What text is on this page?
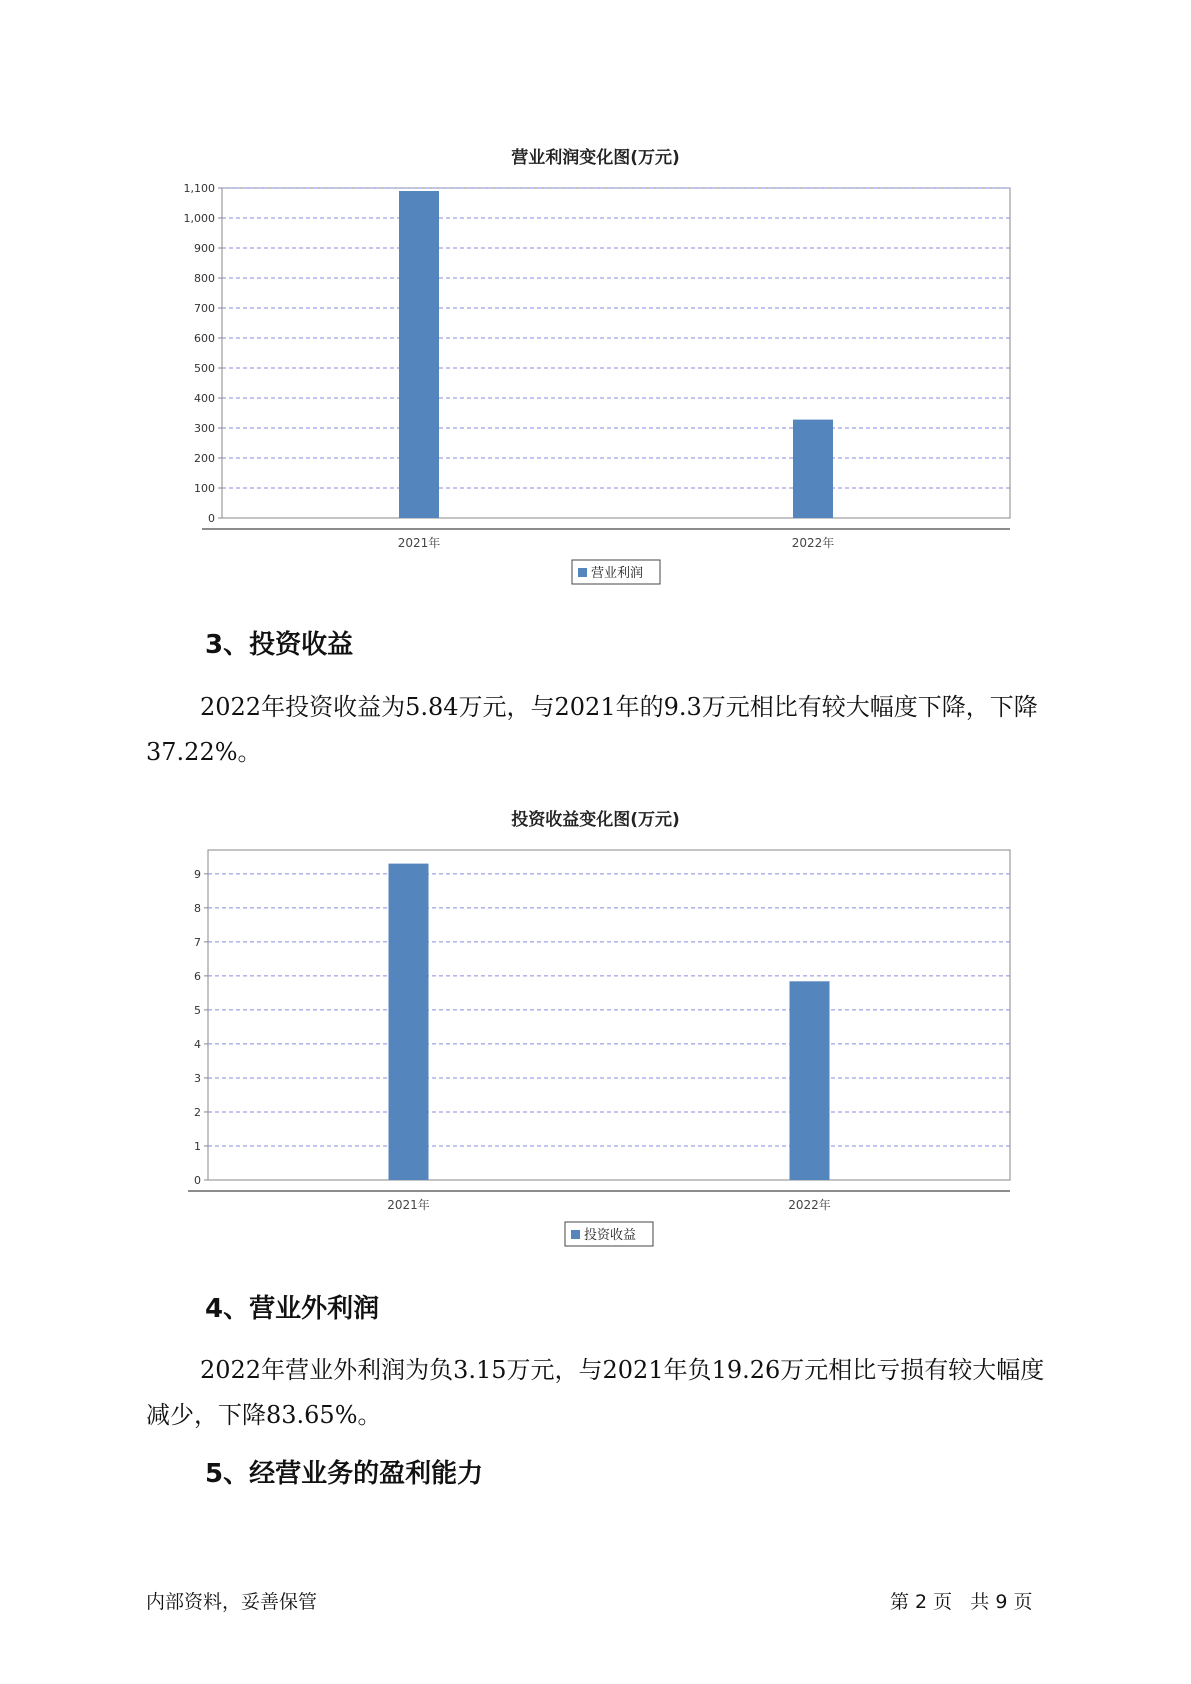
营业利润变化图(万元)
0
100
200
300
400
500
600
700
800
900
1,000
1,100
2021年	2022年
营业利润
3、投资收益

2022年投资收益为5.84万元，与2021年的9.3万元相比有较大幅度下降，下降37.22%。

投资收益变化图(万元)
0
1
2
3
4
5
6
7
8
9
2021年	2022年
投资收益
4、营业外利润

2022年营业外利润为负3.15万元，与2021年负19.26万元相比亏损有较大幅度减少，下降83.65%。

5、经营业务的盈利能力
内部资料，妥善保管	第 2 页   共 9 页
